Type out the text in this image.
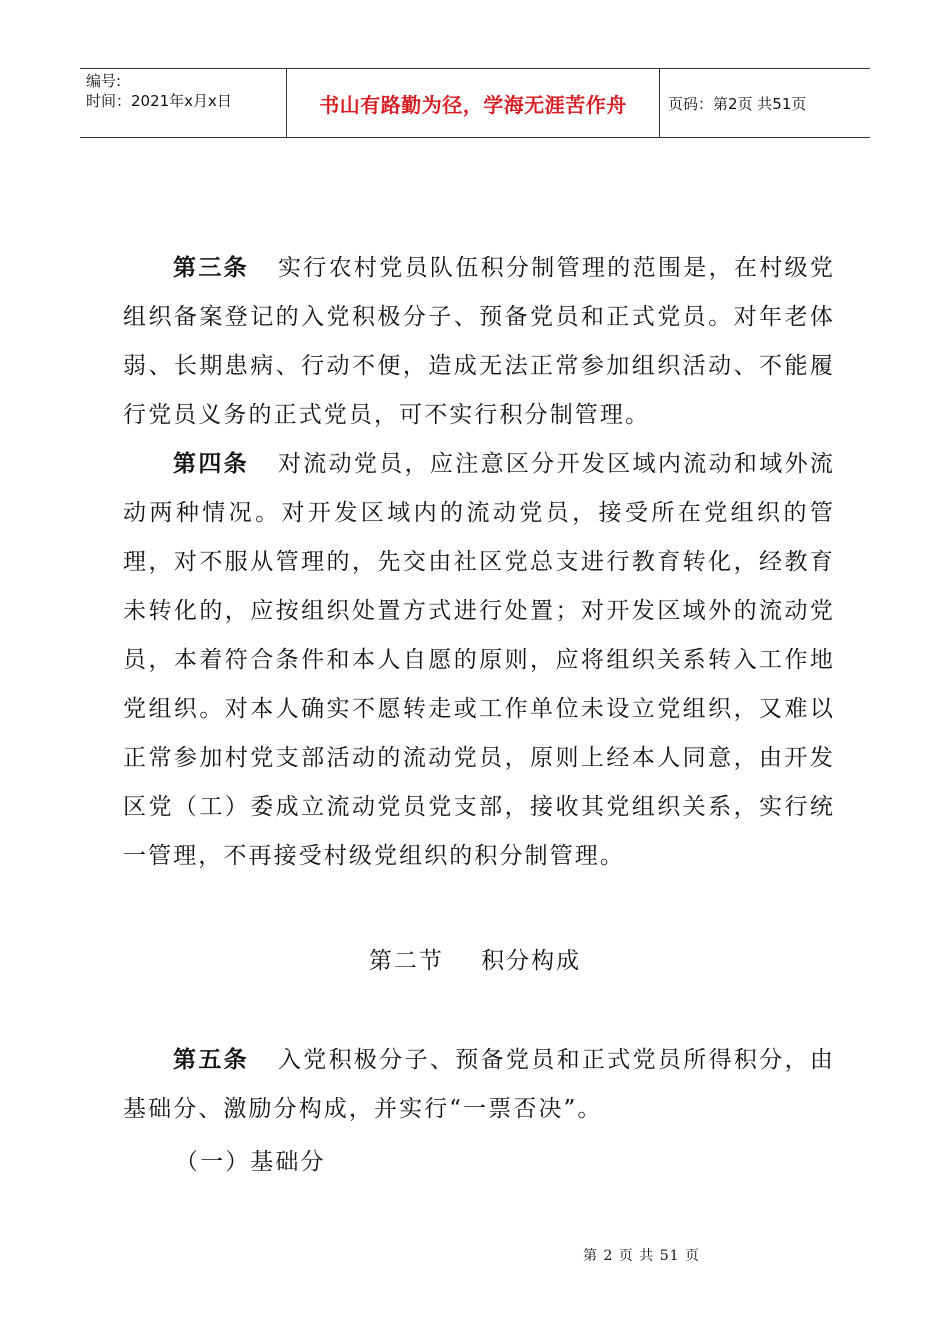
编号:
时间：2021年x月x日	书山有路勤为径，学海无涯苦作舟	页码：第2页 共51页
第三条 实行农村党员队伍积分制管理的范围是，在村级党组织备案登记的入党积极分子、预备党员和正式党员。对年老体弱、长期患病、行动不便，造成无法正常参加组织活动、不能履行党员义务的正式党员，可不实行积分制管理。
第四条 对流动党员，应注意区分开发区域内流动和域外流动两种情况。对开发区域内的流动党员，接受所在党组织的管理，对不服从管理的，先交由社区党总支进行教育转化，经教育未转化的，应按组织处置方式进行处置；对开发区域外的流动党员，本着符合条件和本人自愿的原则，应将组织关系转入工作地党组织。对本人确实不愿转走或工作单位未设立党组织，又难以正常参加村党支部活动的流动党员，原则上经本人同意，由开发区党（工）委成立流动党员党支部，接收其党组织关系，实行统一管理，不再接受村级党组织的积分制管理。
第二节    积分构成
第五条 入党积极分子、预备党员和正式党员所得积分，由基础分、激励分构成，并实行“一票否决”。
（一）基础分
第 2 页 共 51 页
